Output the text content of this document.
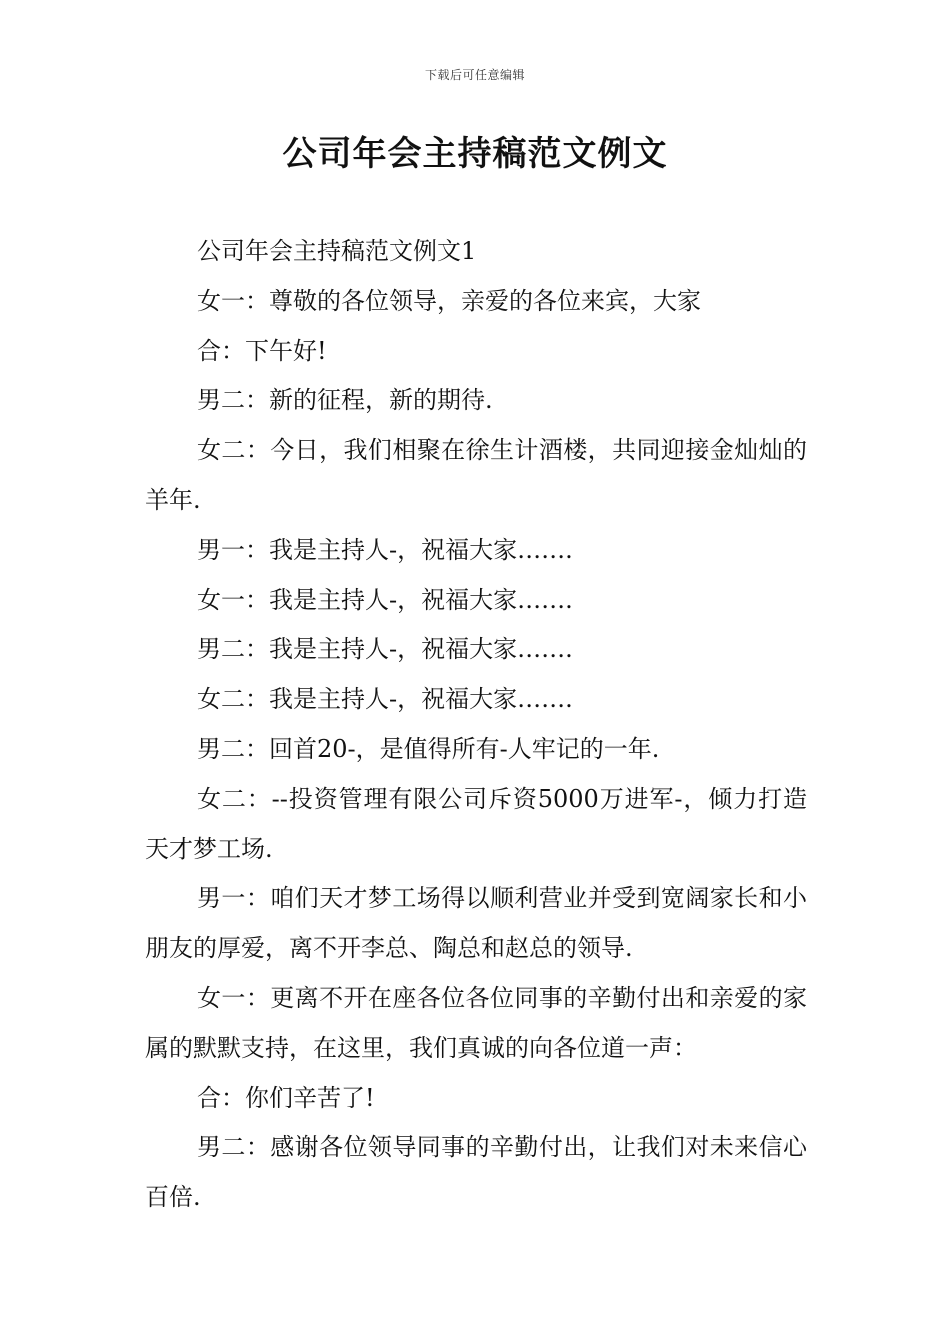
下载后可任意编辑
公司年会主持稿范文例文

公司年会主持稿范文例文1

女一：尊敬的各位领导，亲爱的各位来宾，大家

合：下午好!

男二：新的征程，新的期待.

女二：今日，我们相聚在徐生计酒楼，共同迎接金灿灿的羊年.

男一：我是主持人-，祝福大家…….

女一：我是主持人-，祝福大家…….

男二：我是主持人-，祝福大家…….

女二：我是主持人-，祝福大家…….

男二：回首20-，是值得所有-人牢记的一年.

女二：--投资管理有限公司斥资5000万进军-，倾力打造天才梦工场.

男一：咱们天才梦工场得以顺利营业并受到宽阔家长和小朋友的厚爱，离不开李总、陶总和赵总的领导.

女一：更离不开在座各位各位同事的辛勤付出和亲爱的家属的默默支持，在这里，我们真诚的向各位道一声：

合：你们辛苦了!

男二：感谢各位领导同事的辛勤付出，让我们对未来信心百倍.
